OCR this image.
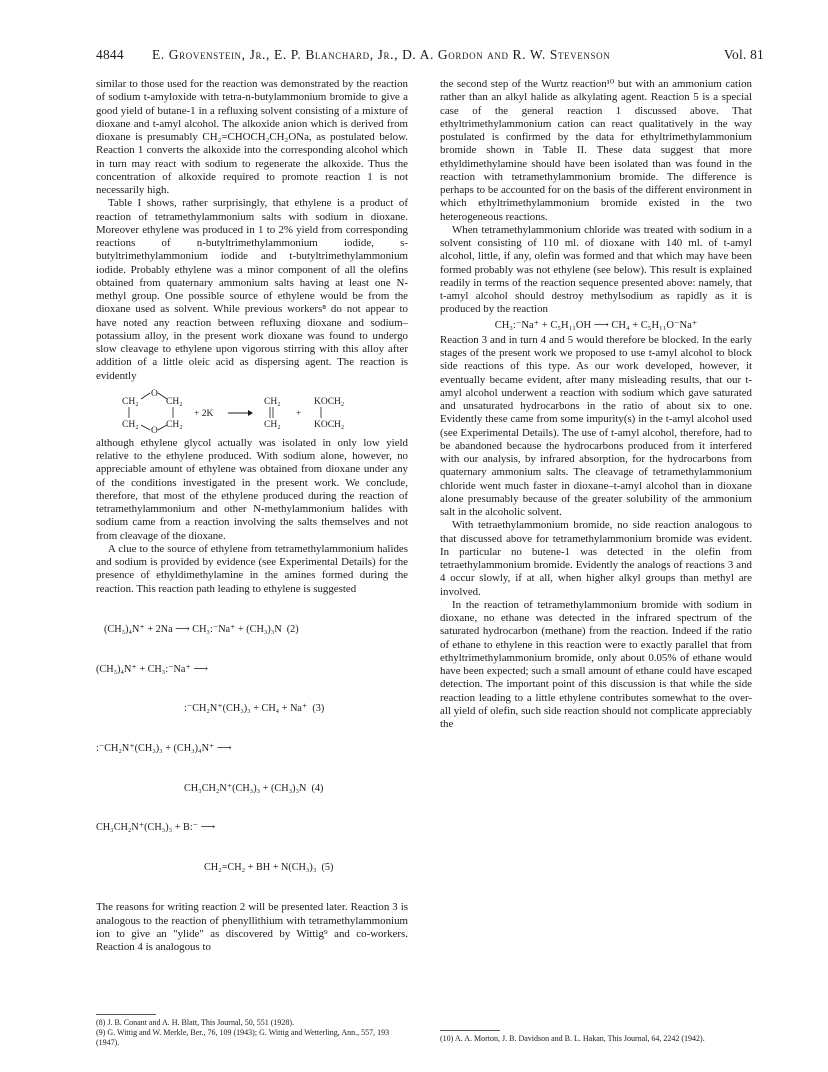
4844 E. Grovenstein, Jr., E. P. Blanchard, Jr., D. A. Gordon and R. W. Stevenson	Vol. 81

similar to those used for the reaction was demonstrated by the reaction of sodium t-amyloxide with tetra-n-butylammonium bromide to give a good yield of butane-1 in a refluxing solvent consisting of a mixture of dioxane and t-amyl alcohol. The alkoxide anion which is derived from dioxane is presumably CH₂=CHOCH₂CH₂ONa, as postulated below. Reaction 1 converts the alkoxide into the corresponding alcohol which in turn may react with sodium to regenerate the alkoxide. Thus the concentration of alkoxide required to promote reaction 1 is not necessarily high.

Table I shows, rather surprisingly, that ethylene is a product of reaction of tetramethylammonium salts with sodium in dioxane. Moreover ethylene was produced in 1 to 2% yield from corresponding reactions of n-butyltrimethylammonium iodide, s-butyltrimethylammonium iodide and t-butyltrimethylammonium iodide. Probably ethylene was a minor component of all the olefins obtained from quaternary ammonium salts having at least one N-methyl group. One possible source of ethylene would be from the dioxane used as solvent. While previous workers⁸ do not appear to have noted any reaction between refluxing dioxane and sodium–potassium alloy, in the present work dioxane was found to undergo slow cleavage to ethylene upon vigorous stirring with this alloy after addition of a little oleic acid as dispersing agent. The reaction is evidently

O
CH₂	CH₂
CH₂	CH₂
O
+ 2K
CH₂
CH₂
+
KOCH₂
KOCH₂

although ethylene glycol actually was isolated in only low yield relative to the ethylene produced. With sodium alone, however, no appreciable amount of ethylene was obtained from dioxane under any of the conditions investigated in the present work. We conclude, therefore, that most of the ethylene produced during the reaction of tetramethylammonium and other N-methylammonium halides with sodium came from a reaction involving the salts themselves and not from cleavage of the dioxane.

A clue to the source of ethylene from tetramethylammonium halides and sodium is provided by evidence (see Experimental Details) for the presence of ethyldimethylamine in the amines formed during the reaction. This reaction path leading to ethylene is suggested

(CH₃)₄N⁺ + 2Na ⟶ CH₃:⁻Na⁺ + (CH₃)₃N  (2)

(CH₃)₄N⁺ + CH₃:⁻Na⁺ ⟶

:⁻CH₂N⁺(CH₃)₃ + CH₄ + Na⁺  (3)

:⁻CH₂N⁺(CH₃)₃ + (CH₃)₄N⁺ ⟶

CH₃CH₂N⁺(CH₃)₃ + (CH₃)₃N  (4)

CH₃CH₂N⁺(CH₃)₃ + B:⁻ ⟶

CH₂=CH₂ + BH + N(CH₃)₃  (5)

The reasons for writing reaction 2 will be presented later. Reaction 3 is analogous to the reaction of phenyllithium with tetramethylammonium ion to give an "ylide" as discovered by Wittig⁹ and co-workers. Reaction 4 is analogous to

(8) J. B. Conant and A. H. Blatt, This Journal, 50, 551 (1928).
(9) G. Wittig and W. Merkle, Ber., 76, 109 (1943); G. Wittig and Wetterling, Ann., 557, 193 (1947).

the second step of the Wurtz reaction¹⁰ but with an ammonium cation rather than an alkyl halide as alkylating agent. Reaction 5 is a special case of the general reaction 1 discussed above. That ethyltrimethylammonium cation can react qualitatively in the way postulated is confirmed by the data for ethyltrimethylammonium bromide shown in Table II. These data suggest that more ethyldimethylamine should have been isolated than was found in the reaction with tetramethylammonium bromide. The difference is perhaps to be accounted for on the basis of the different environment in which ethyltrimethylammonium bromide existed in the two heterogeneous reactions.

When tetramethylammonium chloride was treated with sodium in a solvent consisting of 110 ml. of dioxane with 140 ml. of t-amyl alcohol, little, if any, olefin was formed and that which may have been formed probably was not ethylene (see below). This result is explained readily in terms of the reaction sequence presented above: namely, that t-amyl alcohol should destroy methylsodium as rapidly as it is produced by the reaction

CH₃:⁻Na⁺ + C₅H₁₁OH ⟶ CH₄ + C₅H₁₁O⁻Na⁺

Reaction 3 and in turn 4 and 5 would therefore be blocked. In the early stages of the present work we proposed to use t-amyl alcohol to block side reactions of this type. As our work developed, however, it eventually became evident, after many misleading results, that our t-amyl alcohol underwent a reaction with sodium which gave saturated and unsaturated hydrocarbons in the ratio of about six to one. Evidently these came from some impurity(s) in the t-amyl alcohol used (see Experimental Details). The use of t-amyl alcohol, therefore, had to be abandoned because the hydrocarbons produced from it interfered with our analysis, by infrared absorption, for the hydrocarbons from quaternary ammonium salts. The cleavage of tetramethylammonium chloride went much faster in dioxane–t-amyl alcohol than in dioxane alone presumably because of the greater solubility of the ammonium salt in the alcoholic solvent.

With tetraethylammonium bromide, no side reaction analogous to that discussed above for tetramethylammonium bromide was evident. In particular no butene-1 was detected in the olefin from tetraethylammonium bromide. Evidently the analogs of reactions 3 and 4 occur slowly, if at all, when higher alkyl groups than methyl are involved.

In the reaction of tetramethylammonium bromide with sodium in dioxane, no ethane was detected in the infrared spectrum of the saturated hydrocarbon (methane) from the reaction. Indeed if the ratio of ethane to ethylene in this reaction were to exactly parallel that from ethyltrimethylammonium bromide, only about 0.05% of ethane would have been expected; such a small amount of ethane could have escaped detection. The important point of this discussion is that while the side reaction leading to a little ethylene contributes somewhat to the over-all yield of olefin, such side reaction should not complicate appreciably the

(10) A. A. Morton, J. B. Davidson and B. L. Hakan, This Journal, 64, 2242 (1942).
